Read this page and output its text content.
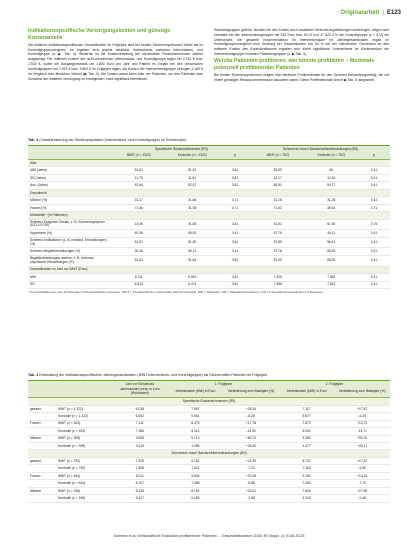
Originalarbeit | E123
Indikationsspezifische Versorgungskosten und günstige Kostenanteile

Die mittleren indikationsspezifischen Gesamtkosten im Folgejahr sind bei beiden Schmerzsyndromen höher als im Kontrollgruppenvergleich, es ergeben sich jeweils deutliche Unterschiede zwischen Interventions- und Kontrollgruppe (s. ▶ Tab. 4). Weiterhin ist die Kostenverteilung bei chronischen Rückenschmerzen stärker ausgeprägt. Die mittleren Kosten der nicht-chronischen Interventions- und Kontrollgruppe lagen bei 2.151 € bzw. 2.533 €, wobei die Ausgangsniveaus um 1.800 Euro pro Jahr und Patient im Vorjahr bei den chronischen Kontrollgruppen um 2.523 € bzw. 3.800 € im Folgejahr lagen; die Kosten der Interventionsgruppe betrugen 2.160 € im Vergleich zum ähnlichen Verlauf (▶ Tab. 4). Die Kosten waren beim Alter der Patienten, um den Patienten eine Zunahme der mittleren Versorgung zu ermöglichen, nicht signifikant beeinflusst.

Standardgruppen geführt. Wurden bei den Kosten auch zusätzlich Versicherungsleistungen einbezogen, zeigen sich ebenfalls bei den Interventionsgruppen mit 325 Euro bzw. 63 % und 47 822 € in der Kontrollgruppe (n = 672) ein Unterschied; die gesamte Kostenreduktion im Interventionsjahr im Jahresgesamtkosten ergab im Kontrollgruppenvergleich eine Senkung der Gesamtkosten von 84 % bei der Intervention. Gemessen an den mittleren Kosten des Kontrollzeitraums ergaben sich somit signifikante Unterschiede im Kostenverlauf der Interventionsgruppe in beiden Patientengruppen (s. ▶ Tab. 4).

Welche Patienten profitieren, wer könnte profitieren – Merkmale potenziell profitierender Patienten

Bei beiden Schmerzsyndromen zeigten sich deutliche Profilmerkmale für den Schmerz-Behandlungserfolg, die mit einem günstigen Ressourcenverbrauch assoziiert waren. Diese Profilmerkmale sind in ▶ Tab. 5 dargestellt.

Tab. 3 Charakterisierung der Studienpopulation (Interventions- und Kontrollgruppe) im Schmerzjahr.
	Spezifische Rückenschmerzen (RS)			Schmerzen durch Bandscheibenerkrankungen (BS)		
	IMNT (n = 1322)	Kontrolle (n = 1322)	p	IMNT (n = 792)	Kontrolle (n = 792)	p
Alter						
MW (Jahre)	51,61	51,51	0,81	53,59	56	0,41
SD (Jahre)	11,75	11,81	0,81	13,17	12,40	0,41
Anz. (Jahre)	52,64	52,87	0,81	55,81	54,77	0,41
Geschlecht						
Männer (%)	31,17	31,66	0,71	31,18	31,35	0,41
Frauen (%)	71,66	31,55	0,71	71,62	35,61	0,71
Morbidität * (% Patienten)						
Schmerz-Diagnose-Zusatz, z. B. Schmerzsymptom (ICD-10 F45)	13,46	31,65	0,81	61,51	61,50	0,75
Hypertonie (%)	45,36	65,53	0,41	47,76	46,11	0,41
Schmerz-Indikationen (z. B. metabol. Erkrankungen) (%)	61,51	51,50	0,81	57,85	56,61	0,41
Schmerz-Begleiterkrankungen (%)	35,46	56,11	0,41	57,76	56,45	0,41
Begleiterkrankungen weitere, z. B. Arthrose, psychische Erkrankungen (%)	51,61	51,64	0,81	51,39	55,59	0,41
Gesamtkosten im Jahr vor IMNT (Euro)						
MW	6.111	6.051	0,81	7.425	7.556	0,41
SD	6.513	6.474	0,81	7.386	7.621	0,41
* Komorbiditäten aus den Schätzungen ICD-Klassifikation-Gruppen. IMNT = Interdisziplinäre multimodale Schmerztherapie; MW = Mittelwert; SD = Standardabweichung; ICD = International Classification of Diseases.
Tab. 4 Entwicklung der indikationsspezifischen Jahresgesamtkosten (IMNT-Interventions- und Kontrollgruppe) als Schmerzfälle-Patienten im Folgejahr.
		Jahr vor Einschluss	1. Folgejahr		2. Folgejahr	
		Jahreskosten (MW) in Euro (Rohkosten)	Jahreskosten (MW) in Euro	Veränderung zum Basisjahr (%)	Jahreskosten (MW) in Euro	Veränderung zum Basisjahr (%)
Spezifische Rückenschmerzen (RS)						
gesamt	IMNT (n = 1.322)	6.038	7.567	+25,34	7.117	+17,87
	Kontrolle (n = 1.322)	6.052	5.551	-8,28	5.677	-6,20
Frauen	IMNT (n = 923)	7.111	8.375	+17,78	7.873	+10,72
	Kontrolle (n = 923)	7.186	6.113	-14,93	6.201	-13,71
Männer	IMNT (n = 399)	3.555	5.713	+60,70	5.365	+50,91
	Kontrolle (n = 399)	3.415	4.255	+24,60	4.377	+28,17
Schmerzen durch Bandscheibenerkrankungen (BS)						
gesamt	IMNT (n = 792)	7.425	9.162	+23,39	8.737	+17,67
	Kontrolle (n = 792)	7.556	7.012	-7,20	7.118	-5,80
Frauen	IMNT (n = 544)	8.011	9.644	+20,38	9.151	+14,23
	Kontrolle (n = 544)	8.107	7.389	-8,86	7.483	-7,70
Männer	IMNT (n = 248)	6.139	8.104	+32,01	7.830	+27,55
	Kontrolle (n = 248)	6.347	6.183	-2,58	6.318	-0,46
Schmerz et al. Wirtschaftliche Evaluation profitierender Patienten ... Gesundheitswesen 2018; 80 (Suppl. 2): E116–E125
